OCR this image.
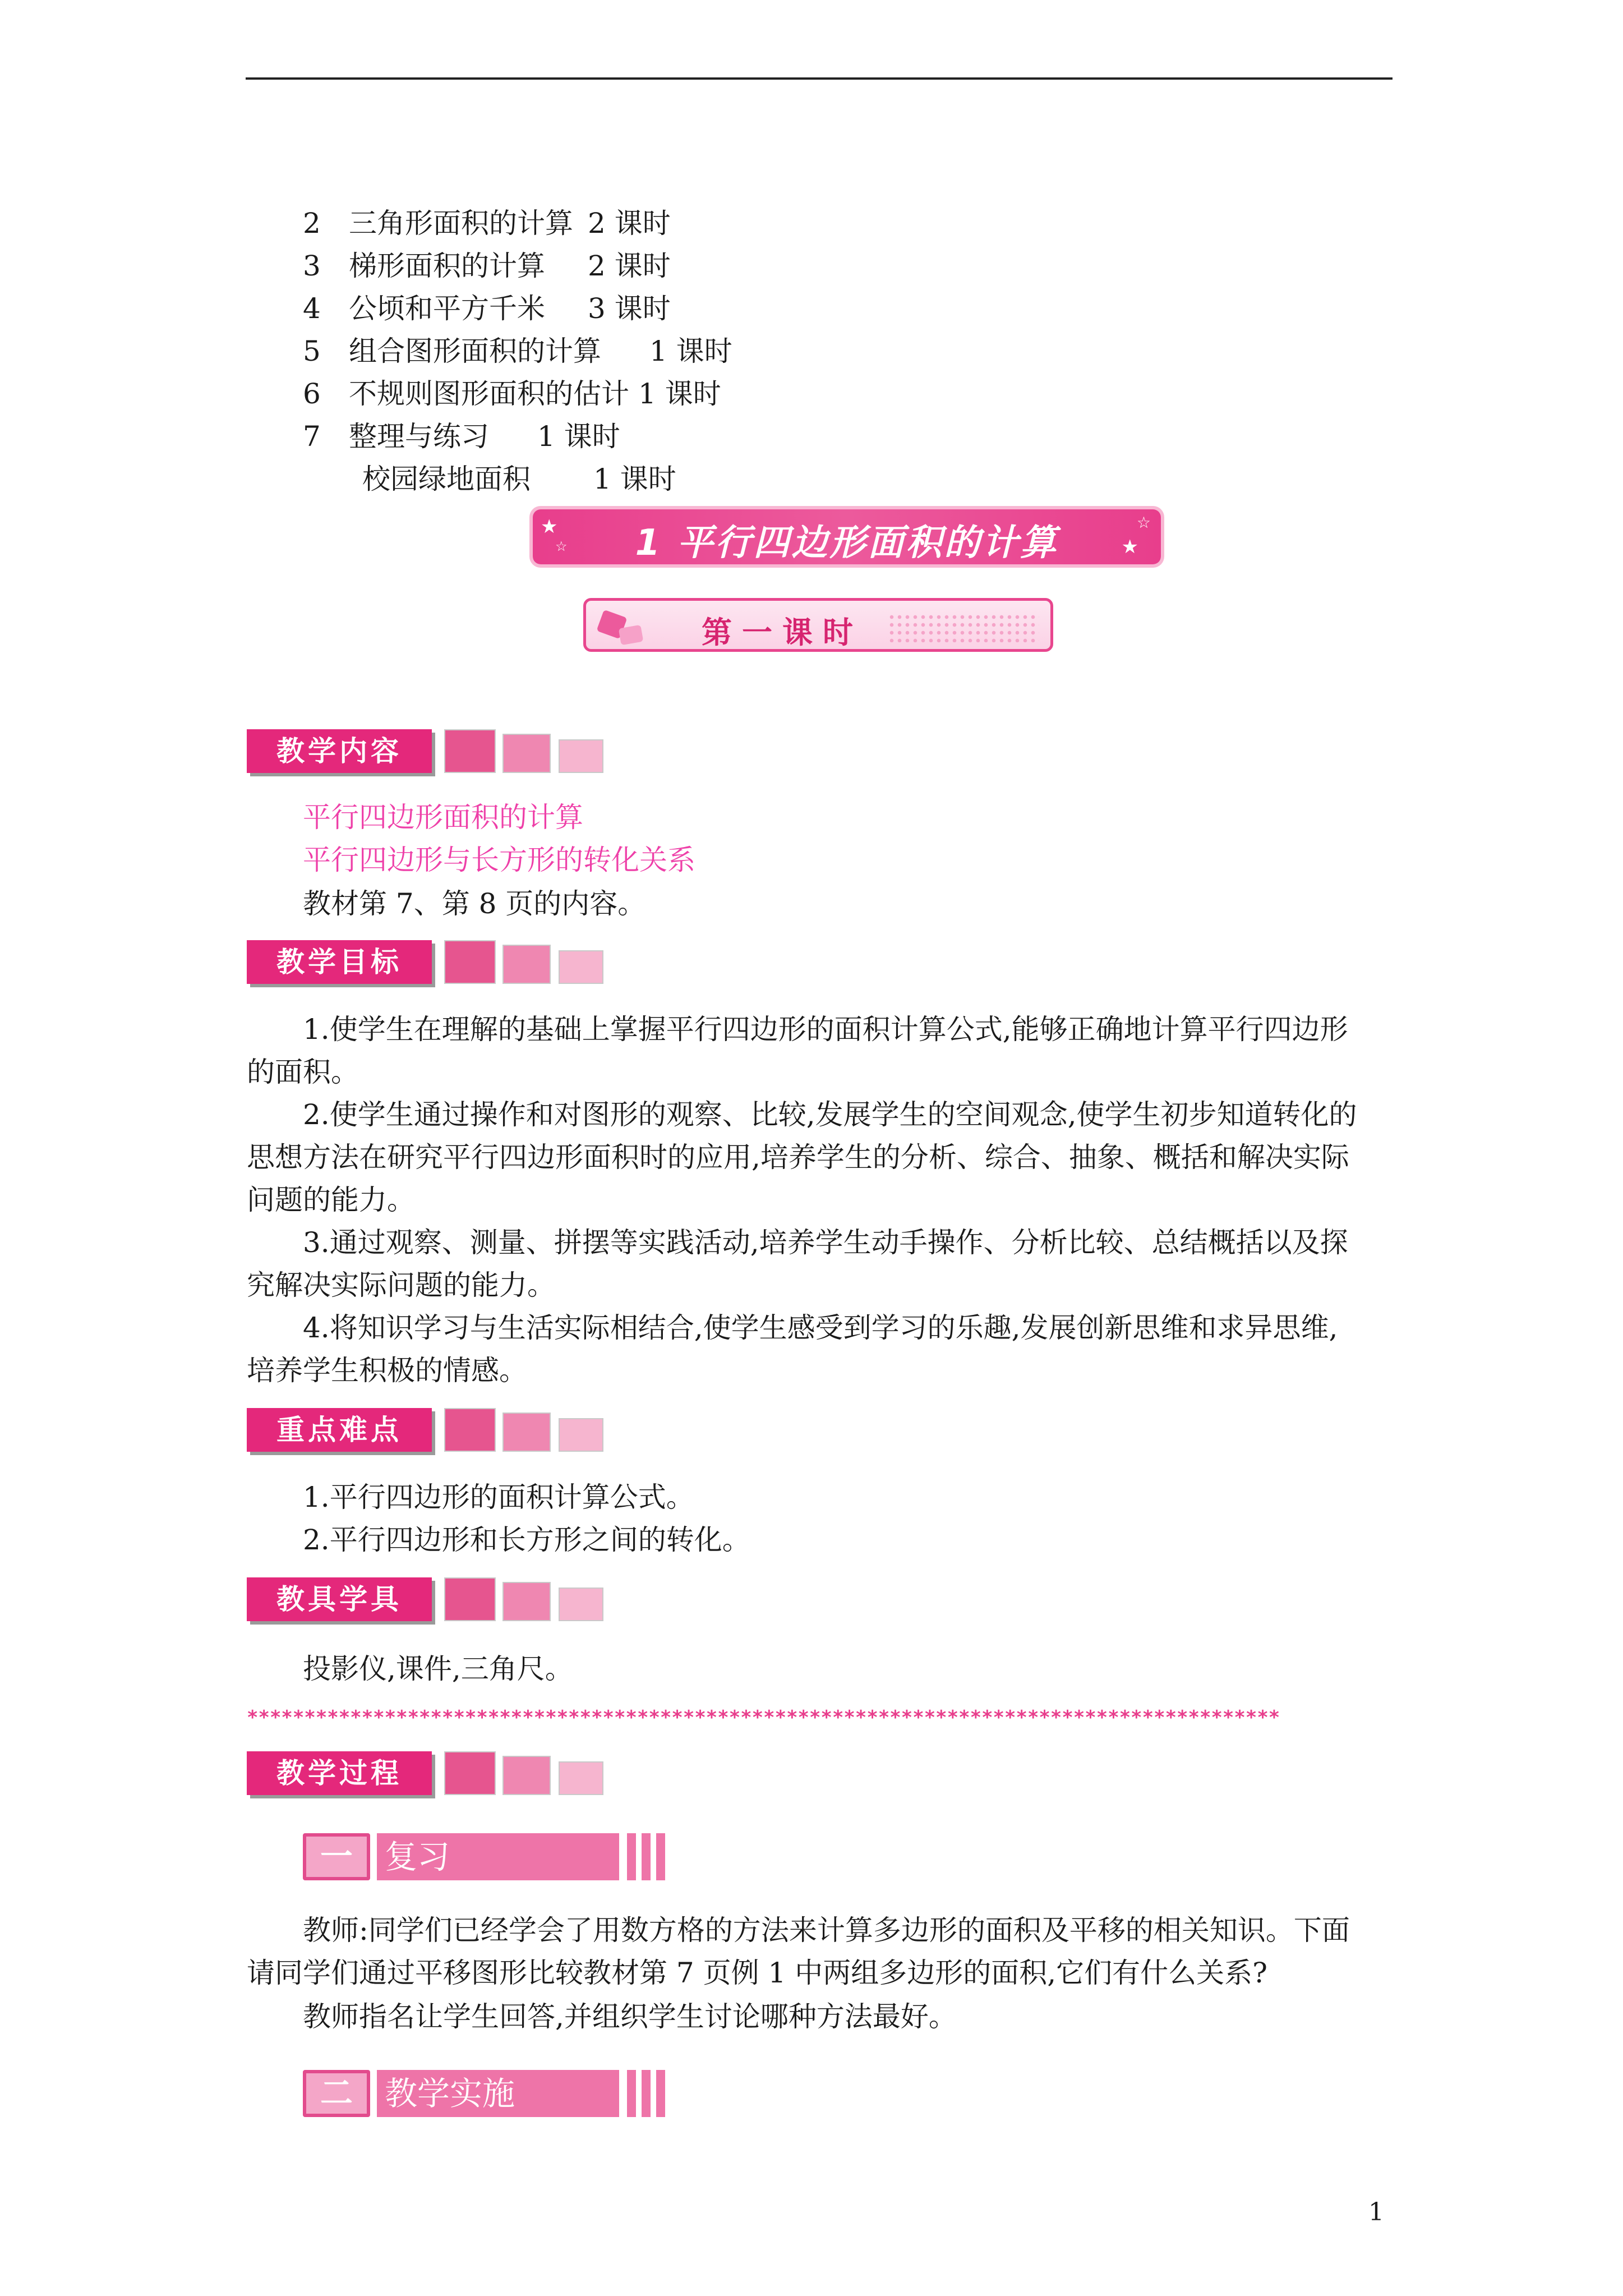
2 三角形面积的计算 2 课时
3 梯形面积的计算 2 课时
4 公顷和平方千米 3 课时
5 组合图形面积的计算 1 课时
6 不规则图形面积的估计 1 课时
7 整理与练习 1 课时
校园绿地面积 1 课时
★
☆
☆
★
1 平行四边形面积的计算
第一课时
教学内容
平行四边形面积的计算
平行四边形与长方形的转化关系
教材第 7、第 8 页的内容。
教学目标
1.使学生在理解的基础上掌握平行四边形的面积计算公式,能够正确地计算平行四边形
的面积。
2.使学生通过操作和对图形的观察、比较,发展学生的空间观念,使学生初步知道转化的
思想方法在研究平行四边形面积时的应用,培养学生的分析、综合、抽象、概括和解决实际
问题的能力。
3.通过观察、测量、拼摆等实践活动,培养学生动手操作、分析比较、总结概括以及探
究解决实际问题的能力。
4.将知识学习与生活实际相结合,使学生感受到学习的乐趣,发展创新思维和求异思维,
培养学生积极的情感。
重点难点
1.平行四边形的面积计算公式。
2.平行四边形和长方形之间的转化。
教具学具
投影仪,课件,三角尺。
******************************************************************************************
教学过程
一 复习
教师:同学们已经学会了用数方格的方法来计算多边形的面积及平移的相关知识。下面
请同学们通过平移图形比较教材第 7 页例 1 中两组多边形的面积,它们有什么关系?
教师指名让学生回答,并组织学生讨论哪种方法最好。
二 教学实施
1
